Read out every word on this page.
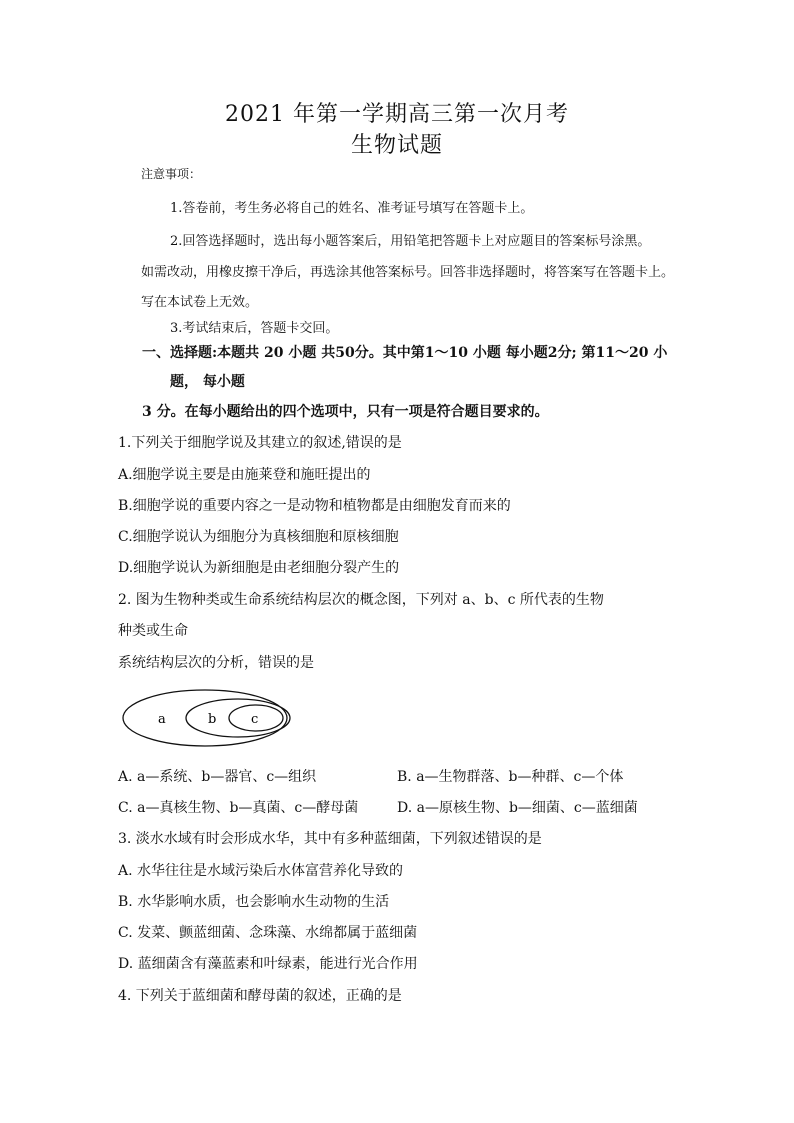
2021 年第一学期高三第一次月考
生物试题
注意事项：
1.答卷前，考生务必将自己的姓名、准考证号填写在答题卡上。
2.回答选择题时，选出每小题答案后，用铅笔把答题卡上对应题目的答案标号涂黑。
如需改动，用橡皮擦干净后，再选涂其他答案标号。回答非选择题时，将答案写在答题卡上。
写在本试卷上无效。
3.考试结束后，答题卡交回。
一、选择题:本题共 20 小题 共50分。其中第1～10 小题 每小题2分; 第11～20 小
题， 每小题
3 分。在每小题给出的四个选项中，只有一项是符合题目要求的。
1.下列关于细胞学说及其建立的叙述,错误的是
A.细胞学说主要是由施莱登和施旺提出的
B.细胞学说的重要内容之一是动物和植物都是由细胞发育而来的
C.细胞学说认为细胞分为真核细胞和原核细胞
D.细胞学说认为新细胞是由老细胞分裂产生的
2. 图为生物种类或生命系统结构层次的概念图，下列对 a、b、c 所代表的生物
种类或生命
系统结构层次的分析，错误的是
a	b	c
A. a—系统、b—器官、c—组织	B. a—生物群落、b—种群、c—个体
C. a—真核生物、b—真菌、c—酵母菌	D. a—原核生物、b—细菌、c—蓝细菌
3. 淡水水域有时会形成水华，其中有多种蓝细菌，下列叙述错误的是
A. 水华往往是水域污染后水体富营养化导致的
B. 水华影响水质，也会影响水生动物的生活
C. 发菜、颤蓝细菌、念珠藻、水绵都属于蓝细菌
D. 蓝细菌含有藻蓝素和叶绿素，能进行光合作用
4. 下列关于蓝细菌和酵母菌的叙述，正确的是
